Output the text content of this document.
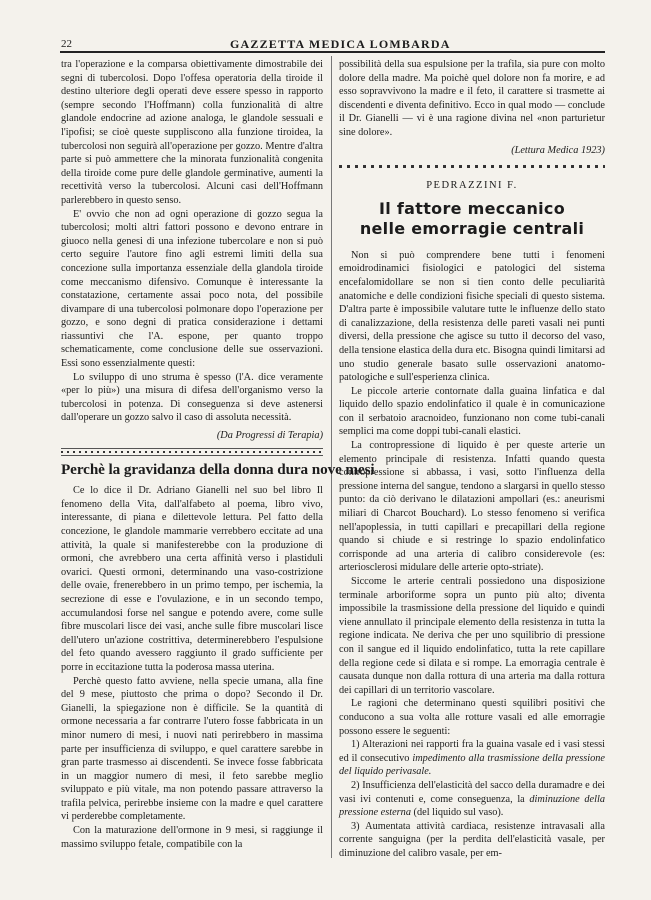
22	GAZZETTA MEDICA LOMBARDA

tra l'operazione e la comparsa obiettivamente dimostrabile dei segni di tubercolosi. Dopo l'offesa operatoria della tiroide il destino ulteriore degli operati deve essere spesso in rapporto (sempre secondo l'Hoffmann) colla funzionalità di altre glandole endocrine ad azione analoga, le glandole sessuali e l'ipofisi; se cioè queste suppliscono alla funzione tiroidea, la tubercolosi non seguirà all'operazione per gozzo. Mentre d'altra parte si può ammettere che la minorata funzionalità congenita della tiroide come pure delle glandole germinative, aumenti la recettività verso la tubercolosi. Alcuni casi dell'Hoffmann parlerebbero in questo senso.

E' ovvio che non ad ogni operazione di gozzo segua la tubercolosi; molti altri fattori possono e devono entrare in giuoco nella genesi di una infezione tubercolare e non si può certo seguire l'autore fino agli estremi limiti della sua concezione sulla importanza essenziale della glandola tiroide come meccanismo difensivo. Comunque è interessante la constatazione, certamente assai poco nota, del possibile divampare di una tubercolosi polmonare dopo l'operazione per gozzo, e sono degni di pratica considerazione i dettami riassuntivi che l'A. espone, per quanto troppo schematicamente, come conclusione delle sue osservazioni. Essi sono essenzialmente questi:

Lo sviluppo di uno struma è spesso (l'A. dice veramente «per lo più») una misura di difesa dell'organismo verso la tubercolosi in potenza. Di conseguenza si deve astenersi dall'operare un gozzo salvo il caso di assoluta necessità.

(Da Progressi di Terapia)

Perchè la gravidanza della donna dura nove mesi

Ce lo dice il Dr. Adriano Gianelli nel suo bel libro Il fenomeno della Vita, dall'alfabeto al poema, libro vivo, interessante, di piana e dilettevole lettura. Pel fatto della concezione, le glandole mammarie verrebbero eccitate ad una attività, la quale si manifesterebbe con la produzione di ormoni, che avrebbero una certa affinità verso i plastiduli ovarici. Questi ormoni, determinando una vaso-costrizione delle ovaie, frenerebbero in un primo tempo, per ischemia, la secrezione di esse e l'ovulazione, e in un secondo tempo, accumulandosi forse nel sangue e potendo avere, come sulle fibre muscolari lisce dei vasi, anche sulle fibre muscolari lisce dell'utero un'azione costrittiva, determinerebbero l'espulsione del feto quando avessero raggiunto il grado sufficiente per porre in eccitazione tutta la poderosa massa uterina.

Perchè questo fatto avviene, nella specie umana, alla fine del 9 mese, piuttosto che prima o dopo? Secondo il Dr. Gianelli, la spiegazione non è difficile. Se la quantità di ormone necessaria a far contrarre l'utero fosse fabbricata in un minor numero di mesi, i nuovi nati perirebbero in massima parte per insufficienza di sviluppo, e quel carattere sarebbe in gran parte trasmesso ai discendenti. Se invece fosse fabbricata in un maggior numero di mesi, il feto sarebbe meglio sviluppato e più vitale, ma non potendo passare attraverso la trafila pelvica, perirebbe insieme con la madre e quel carattere vi perderebbe completamente.

Con la maturazione dell'ormone in 9 mesi, si raggiunge il massimo sviluppo fetale, compatibile con la

possibilità della sua espulsione per la trafila, sia pure con molto dolore della madre. Ma poichè quel dolore non fa morire, e ad esso sopravvivono la madre e il feto, il carattere si trasmette ai discendenti e diventa definitivo. Ecco in qual modo — conclude il Dr. Gianelli — vi è una ragione divina nel «non parturietur sine dolore».

(Lettura Medica 1923)

PEDRAZZINI F.

Il fattore meccanico
nelle emorragie centrali

Non si può comprendere bene tutti i fenomeni emoidrodinamici fisiologici e patologici del sistema encefalomidollare se non si tien conto delle peculiarità anatomiche e delle condizioni fisiche speciali di questo sistema. D'altra parte è impossibile valutare tutte le influenze dello stato di canalizzazione, della resistenza delle pareti vasali nei punti diversi, della pressione che agisce su tutto il decorso del vaso, della tensione elastica della dura etc. Bisogna quindi limitarsi ad uno studio generale basato sulle osservazioni anatomo-patologiche e sull'esperienza clinica.

Le piccole arterie contornate dalla guaina linfatica e dal liquido dello spazio endolinfatico il quale è in comunicazione con il serbatoio aracnoideo, funzionano non come tubi-canali semplici ma come doppi tubi-canali elastici.

La contropressione di liquido è per queste arterie un elemento principale di resistenza. Infatti quando questa contropressione si abbassa, i vasi, sotto l'influenza della pressione interna del sangue, tendono a slargarsi in quello stesso punto: da ciò derivano le dilatazioni ampollari (es.: aneurismi miliari di Charcot Bouchard). Lo stesso fenomeno si verifica nell'apoplessia, in tutti capillari e precapillari della regione quando si chiude e si restringe lo spazio endolinfatico corrisponde ad una arteria di calibro considerevole (es: arteriosclerosi midulare delle arterie opto-striate).

Siccome le arterie centrali possiedono una disposizione terminale arboriforme sopra un punto più alto; diventa impossibile la trasmissione della pressione del liquido e quindi viene annullato il principale elemento della resistenza in tutta la regione indicata. Ne deriva che per uno squilibrio di pressione con il sangue ed il liquido endolinfatico, tutta la rete capillare della regione cede si dilata e si rompe. La emorragia centrale è causata dunque non dalla rottura di una arteria ma dalla rottura dei capillari di un territorio vascolare.

Le ragioni che determinano questi squilibri positivi che conducono a sua volta alle rotture vasali ed alle emorragie possono essere le seguenti:

1) Alterazioni nei rapporti fra la guaina vasale ed i vasi stessi ed il consecutivo impedimento alla trasmissione della pressione del liquido perivasale.

2) Insufficienza dell'elasticità del sacco della duramadre e dei vasi ivi contenuti e, come conseguenza, la diminuzione della pressione esterna (del liquido sul vaso).

3) Aumentata attività cardiaca, resistenze intravasali alla corrente sanguigna (per la perdita dell'elasticità vasale, per diminuzione del calibro vasale, per em-
